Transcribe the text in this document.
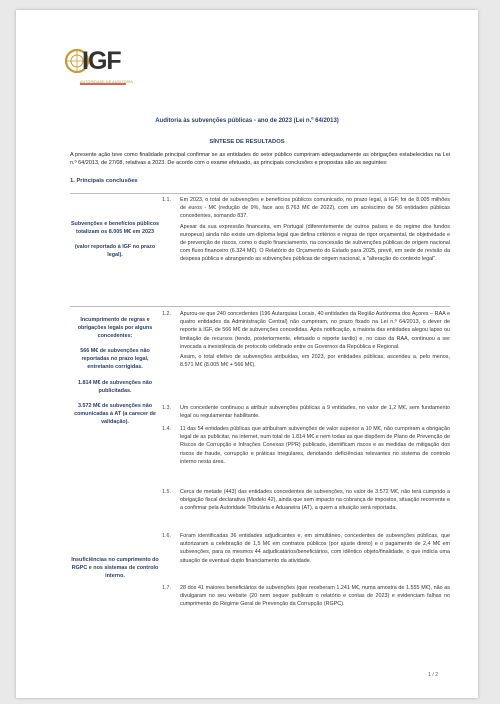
IGF
AUTORIDADE DE AUDITORIA
Auditoria às subvenções públicas - ano de 2023 (Lei n.º 64/2013)
SÍNTESE DE RESULTADOS

A presente ação teve como finalidade principal confirmar se as entidades do setor público cumpriram adequadamente as obrigações estabelecidas na Lei n.º 64/2013, de 27/08, relativas a 2023. De acordo com o exame efetuado, as principais conclusões e propostas são as seguintes:

1. Principais conclusões

Subvenções e benefícios públicos totalizam os 8.005 M€ em 2023

(valor reportado à IGF no prazo legal).

Incumprimento de regras e obrigações legais por alguns concedentes:

566 M€ de subvenções não reportadas no prazo legal, entretanto corrigidas.

1.814 M€ de subvenções não publicitadas.

3.572 M€ de subvenções não comunicadas à AT (a carecer de validação).

Insuficiências no cumprimento do RGPC e nos sistemas de controlo interno.

1.1. Em 2023, o total de subvenções e benefícios públicos comunicado, no prazo legal, à IGF, foi de 8.005 milhões de euros - M€ (redução de 9%, face aos 8.763 M€ de 2022), com um acréscimo de 56 entidades públicas concedentes, somando 837.

Apesar da sua expressão financeira, em Portugal (diferentemente de outros países e do regime dos fundos europeus) ainda não existe um diploma legal que defina critérios e regras de rigor orçamental, de objetividade e de prevenção de riscos, como o duplo financiamento, na concessão de subvenções públicas de origem nacional com fluxo financeiro (6.324 M€). O Relatório do Orçamento do Estado para 2025, prevê, em sede de revisão da despesa pública e abrangendo as subvenções públicas de origem nacional, a "alteração do contexto legal".

1.2. Apurou-se que 240 concedentes (196 Autarquias Locais, 40 entidades da Região Autónoma dos Açores – RAA e quatro entidades da Administração Central) não cumpriram, no prazo fixado na Lei n.º 64/2013, o dever de reporte à IGF, de 566 M€ de subvenções concedidas. Após notificação, a maioria das entidades alegou lapso ou limitação de recursos (tendo, posteriormente, efetuado o reporte tardio) e, no caso da RAA, continuou a ser invocada a inexistência de protocolo celebrado entre os Governos da República e Regional.

Assim, o total efetivo de subvenções atribuídas, em 2023, por entidades públicas, ascendeu a, pelo menos, 8.571 M€ (8.005 M€ + 566 M€).

1.3. Um concedente continuou a atribuir subvenções públicas a 9 entidades, no valor de 1,2 M€, sem fundamento legal ou regulamentar habilitante.

1.4. 11 das 54 entidades públicas que atribuíram subvenções de valor superior a 10 M€, não cumpriram a obrigação legal de as publicitar, na internet, num total de 1.814 M€ e nem todas as que dispõem de Plano de Prevenção de Riscos de Corrupção e Infrações Conexas (PPR) publicado, identificam riscos e as medidas de mitigação dos riscos de fraude, corrupção e práticas irregulares, denotando deficiências relevantes no sistema de controlo interno nesta área.

1.5. Cerca de metade (443) das entidades concedentes de subvenções, no valor de 3.572 M€, não terá cumprido a obrigação fiscal declarativa (Modelo 42), ainda que sem impacto na cobrança de impostos, situação recorrente e a confirmar pela Autoridade Tributária e Aduaneira (AT), a quem a situação será reportada.

1.6. Foram identificadas 36 entidades adjudicantes e, em simultâneo, concedentes de subvenções públicas, que autorizaram a celebração de 1,5 M€ em contratos públicos (por ajuste direto) e o pagamento de 2,4 M€ em subvenções, para os mesmos 44 adjudicatários/beneficiários, com idêntico objeto/finalidade, o que indicia uma situação de eventual duplo financiamento da atividade.

1.7. 28 dos 41 maiores beneficiários de subvenções (que receberam 1.241 M€, numa amostra de 1.555 M€), não as divulgaram no seu website (20 nem sequer publicam o relatório e contas de 2023) e evidenciam falhas no cumprimento do Regime Geral de Prevenção da Corrupção (RGPC).

1 / 2
